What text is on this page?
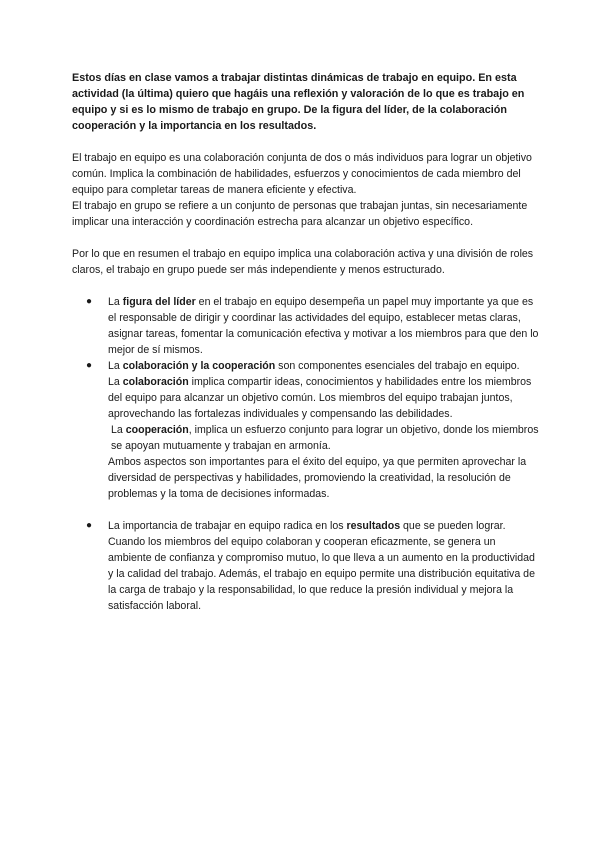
Estos días en clase vamos a trabajar distintas dinámicas de trabajo en equipo. En esta actividad (la última) quiero que hagáis una reflexión y valoración de lo que es trabajo en equipo y si es lo mismo de trabajo en grupo. De la figura del líder, de la colaboración cooperación y la importancia en los resultados.

El trabajo en equipo es una colaboración conjunta de dos o más individuos para lograr un objetivo común. Implica la combinación de habilidades, esfuerzos y conocimientos de cada miembro del equipo para completar tareas de manera eficiente y efectiva.

El trabajo en grupo se refiere a un conjunto de personas que trabajan juntas, sin necesariamente implicar una interacción y coordinación estrecha para alcanzar un objetivo específico.

Por lo que en resumen el trabajo en equipo implica una colaboración activa y una división de roles claros, el trabajo en grupo puede ser más independiente y menos estructurado.

● La figura del líder en el trabajo en equipo desempeña un papel muy importante ya que es el responsable de dirigir y coordinar las actividades del equipo, establecer metas claras, asignar tareas, fomentar la comunicación efectiva y motivar a los miembros para que den lo mejor de sí mismos.
● La colaboración y la cooperación son componentes esenciales del trabajo en equipo.

La colaboración implica compartir ideas, conocimientos y habilidades entre los miembros del equipo para alcanzar un objetivo común. Los miembros del equipo trabajan juntos, aprovechando las fortalezas individuales y compensando las debilidades.

La cooperación, implica un esfuerzo conjunto para lograr un objetivo, donde los miembros se apoyan mutuamente y trabajan en armonía.

Ambos aspectos son importantes para el éxito del equipo, ya que permiten aprovechar la diversidad de perspectivas y habilidades, promoviendo la creatividad, la resolución de problemas y la toma de decisiones informadas.

● La importancia de trabajar en equipo radica en los resultados que se pueden lograr. Cuando los miembros del equipo colaboran y cooperan eficazmente, se genera un ambiente de confianza y compromiso mutuo, lo que lleva a un aumento en la productividad y la calidad del trabajo. Además, el trabajo en equipo permite una distribución equitativa de la carga de trabajo y la responsabilidad, lo que reduce la presión individual y mejora la satisfacción laboral.
